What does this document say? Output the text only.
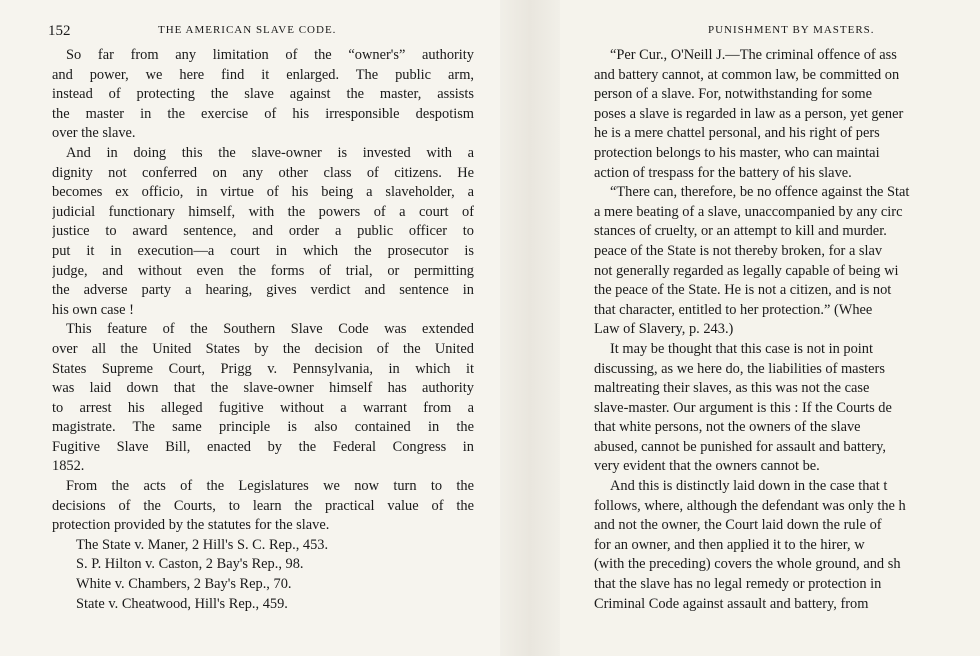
152	THE AMERICAN SLAVE CODE.
So far from any limitation of the “owner's” authority
and power, we here find it enlarged. The public arm,
instead of protecting the slave against the master, assists
the master in the exercise of his irresponsible despotism
over the slave.
And in doing this the slave-owner is invested with a
dignity not conferred on any other class of citizens. He
becomes ex officio, in virtue of his being a slaveholder, a
judicial functionary himself, with the powers of a court of
justice to award sentence, and order a public officer to
put it in execution—a court in which the prosecutor is
judge, and without even the forms of trial, or permitting
the adverse party a hearing, gives verdict and sentence in
his own case !
This feature of the Southern Slave Code was extended
over all the United States by the decision of the United
States Supreme Court, Prigg v. Pennsylvania, in which it
was laid down that the slave-owner himself has authority
to arrest his alleged fugitive without a warrant from a
magistrate. The same principle is also contained in the
Fugitive Slave Bill, enacted by the Federal Congress in
1852.
From the acts of the Legislatures we now turn to the
decisions of the Courts, to learn the practical value of the
protection provided by the statutes for the slave.
The State v. Maner, 2 Hill's S. C. Rep., 453.
S. P. Hilton v. Caston, 2 Bay's Rep., 98.
White v. Chambers, 2 Bay's Rep., 70.
State v. Cheatwood, Hill's Rep., 459.
PUNISHMENT BY MASTERS.
“Per Cur., O'Neill J.—The criminal offence of ass
and battery cannot, at common law, be committed on
person of a slave. For, notwithstanding for some
poses a slave is regarded in law as a person, yet gener
he is a mere chattel personal, and his right of pers
protection belongs to his master, who can maintai
action of trespass for the battery of his slave.
“There can, therefore, be no offence against the Stat
a mere beating of a slave, unaccompanied by any circ
stances of cruelty, or an attempt to kill and murder.
peace of the State is not thereby broken, for a slav
not generally regarded as legally capable of being wi
the peace of the State. He is not a citizen, and is not
that character, entitled to her protection.” (Whee
Law of Slavery, p. 243.)
It may be thought that this case is not in point
discussing, as we here do, the liabilities of masters
maltreating their slaves, as this was not the case
slave-master. Our argument is this : If the Courts de
that white persons, not the owners of the slave
abused, cannot be punished for assault and battery,
very evident that the owners cannot be.
And this is distinctly laid down in the case that t
follows, where, although the defendant was only the h
and not the owner, the Court laid down the rule of
for an owner, and then applied it to the hirer, w
(with the preceding) covers the whole ground, and sh
that the slave has no legal remedy or protection in
Criminal Code against assault and battery, from
